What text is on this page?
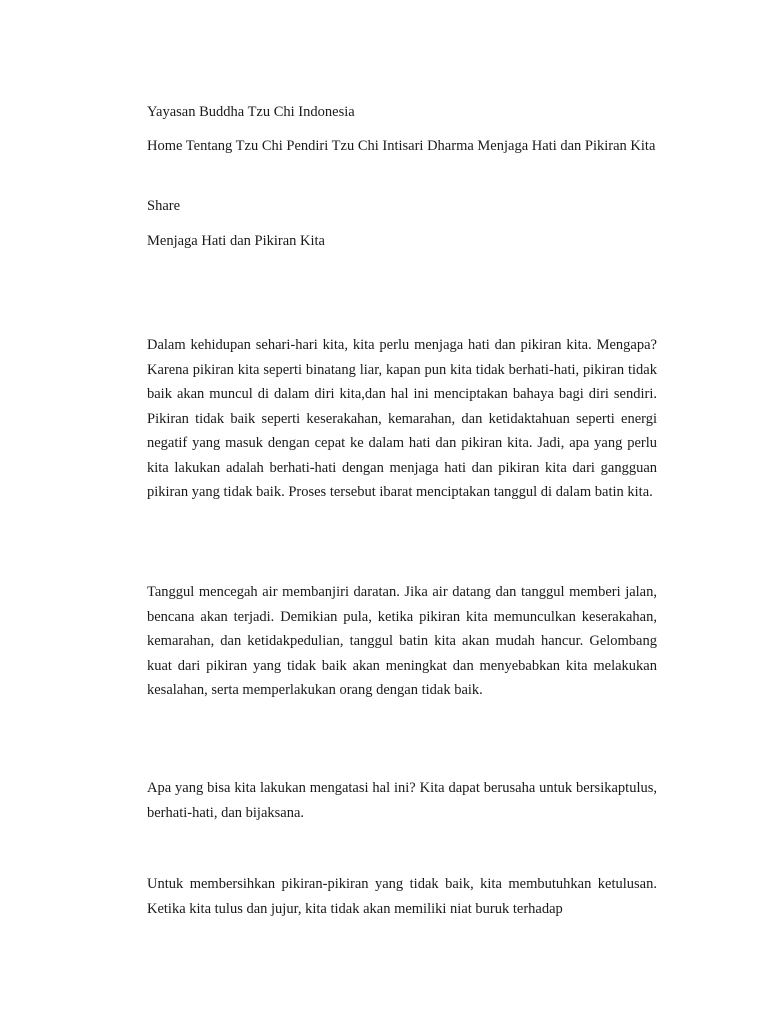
Yayasan Buddha Tzu Chi Indonesia

Home Tentang Tzu Chi Pendiri Tzu Chi Intisari Dharma Menjaga Hati dan Pikiran Kita

Share

Menjaga Hati dan Pikiran Kita

Dalam kehidupan sehari-hari kita, kita perlu menjaga hati dan pikiran kita. Mengapa? Karena pikiran kita seperti binatang liar, kapan pun kita tidak berhati-hati, pikiran tidak baik akan muncul di dalam diri kita,dan hal ini menciptakan bahaya bagi diri sendiri. Pikiran tidak baik seperti keserakahan, kemarahan, dan ketidaktahuan seperti energi negatif yang masuk dengan cepat ke dalam hati dan pikiran kita. Jadi, apa yang perlu kita lakukan adalah berhati-hati dengan menjaga hati dan pikiran kita dari gangguan pikiran yang tidak baik. Proses tersebut ibarat menciptakan tanggul di dalam batin kita.

Tanggul mencegah air membanjiri daratan. Jika air datang dan tanggul memberi jalan, bencana akan terjadi. Demikian pula, ketika pikiran kita memunculkan keserakahan, kemarahan, dan ketidakpedulian, tanggul batin kita akan mudah hancur. Gelombang kuat dari pikiran yang tidak baik akan meningkat dan menyebabkan kita melakukan kesalahan, serta memperlakukan orang dengan tidak baik.

Apa yang bisa kita lakukan mengatasi hal ini? Kita dapat berusaha untuk bersikaptulus, berhati-hati, dan bijaksana.

Untuk membersihkan pikiran-pikiran yang tidak baik, kita membutuhkan ketulusan. Ketika kita tulus dan jujur, kita tidak akan memiliki niat buruk terhadap
